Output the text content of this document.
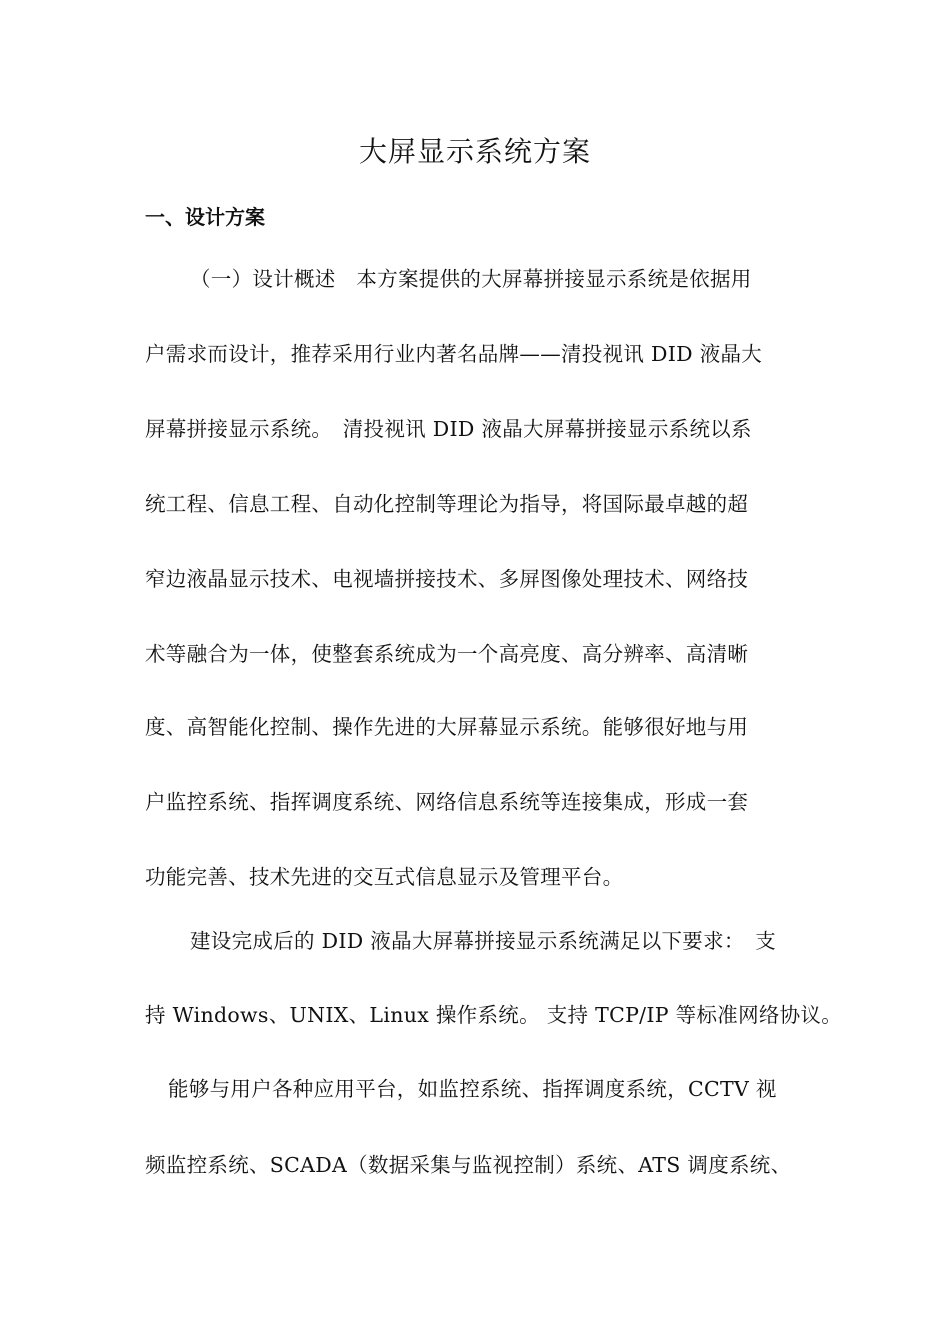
大屏显示系统方案
一、设计方案
（一）设计概述　本方案提供的大屏幕拼接显示系统是依据用
户需求而设计，推荐采用行业内著名品牌——清投视讯 DID 液晶大
屏幕拼接显示系统。　清投视讯 DID 液晶大屏幕拼接显示系统以系
统工程、信息工程、自动化控制等理论为指导，将国际最卓越的超
窄边液晶显示技术、电视墙拼接技术、多屏图像处理技术、网络技
术等融合为一体，使整套系统成为一个高亮度、高分辨率、高清晰
度、高智能化控制、操作先进的大屏幕显示系统。能够很好地与用
户监控系统、指挥调度系统、网络信息系统等连接集成，形成一套
功能完善、技术先进的交互式信息显示及管理平台。
建设完成后的 DID 液晶大屏幕拼接显示系统满足以下要求：　支
持 Windows、UNIX、Linux 操作系统。 支持 TCP/IP 等标准网络协议。
能够与用户各种应用平台，如监控系统、指挥调度系统，CCTV 视
频监控系统、SCADA（数据采集与监视控制）系统、ATS 调度系统、
